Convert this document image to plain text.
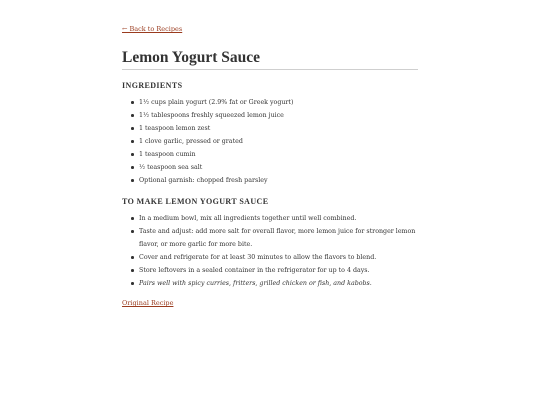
← Back to Recipes
Lemon Yogurt Sauce
INGREDIENTS
1½ cups plain yogurt (2.9% fat or Greek yogurt)
1½ tablespoons freshly squeezed lemon juice
1 teaspoon lemon zest
1 clove garlic, pressed or grated
1 teaspoon cumin
½ teaspoon sea salt
Optional garnish: chopped fresh parsley
TO MAKE LEMON YOGURT SAUCE
In a medium bowl, mix all ingredients together until well combined.
Taste and adjust: add more salt for overall flavor, more lemon juice for stronger lemon flavor, or more garlic for more bite.
Cover and refrigerate for at least 30 minutes to allow the flavors to blend.
Store leftovers in a sealed container in the refrigerator for up to 4 days.
Pairs well with spicy curries, fritters, grilled chicken or fish, and kabobs.
Original Recipe
